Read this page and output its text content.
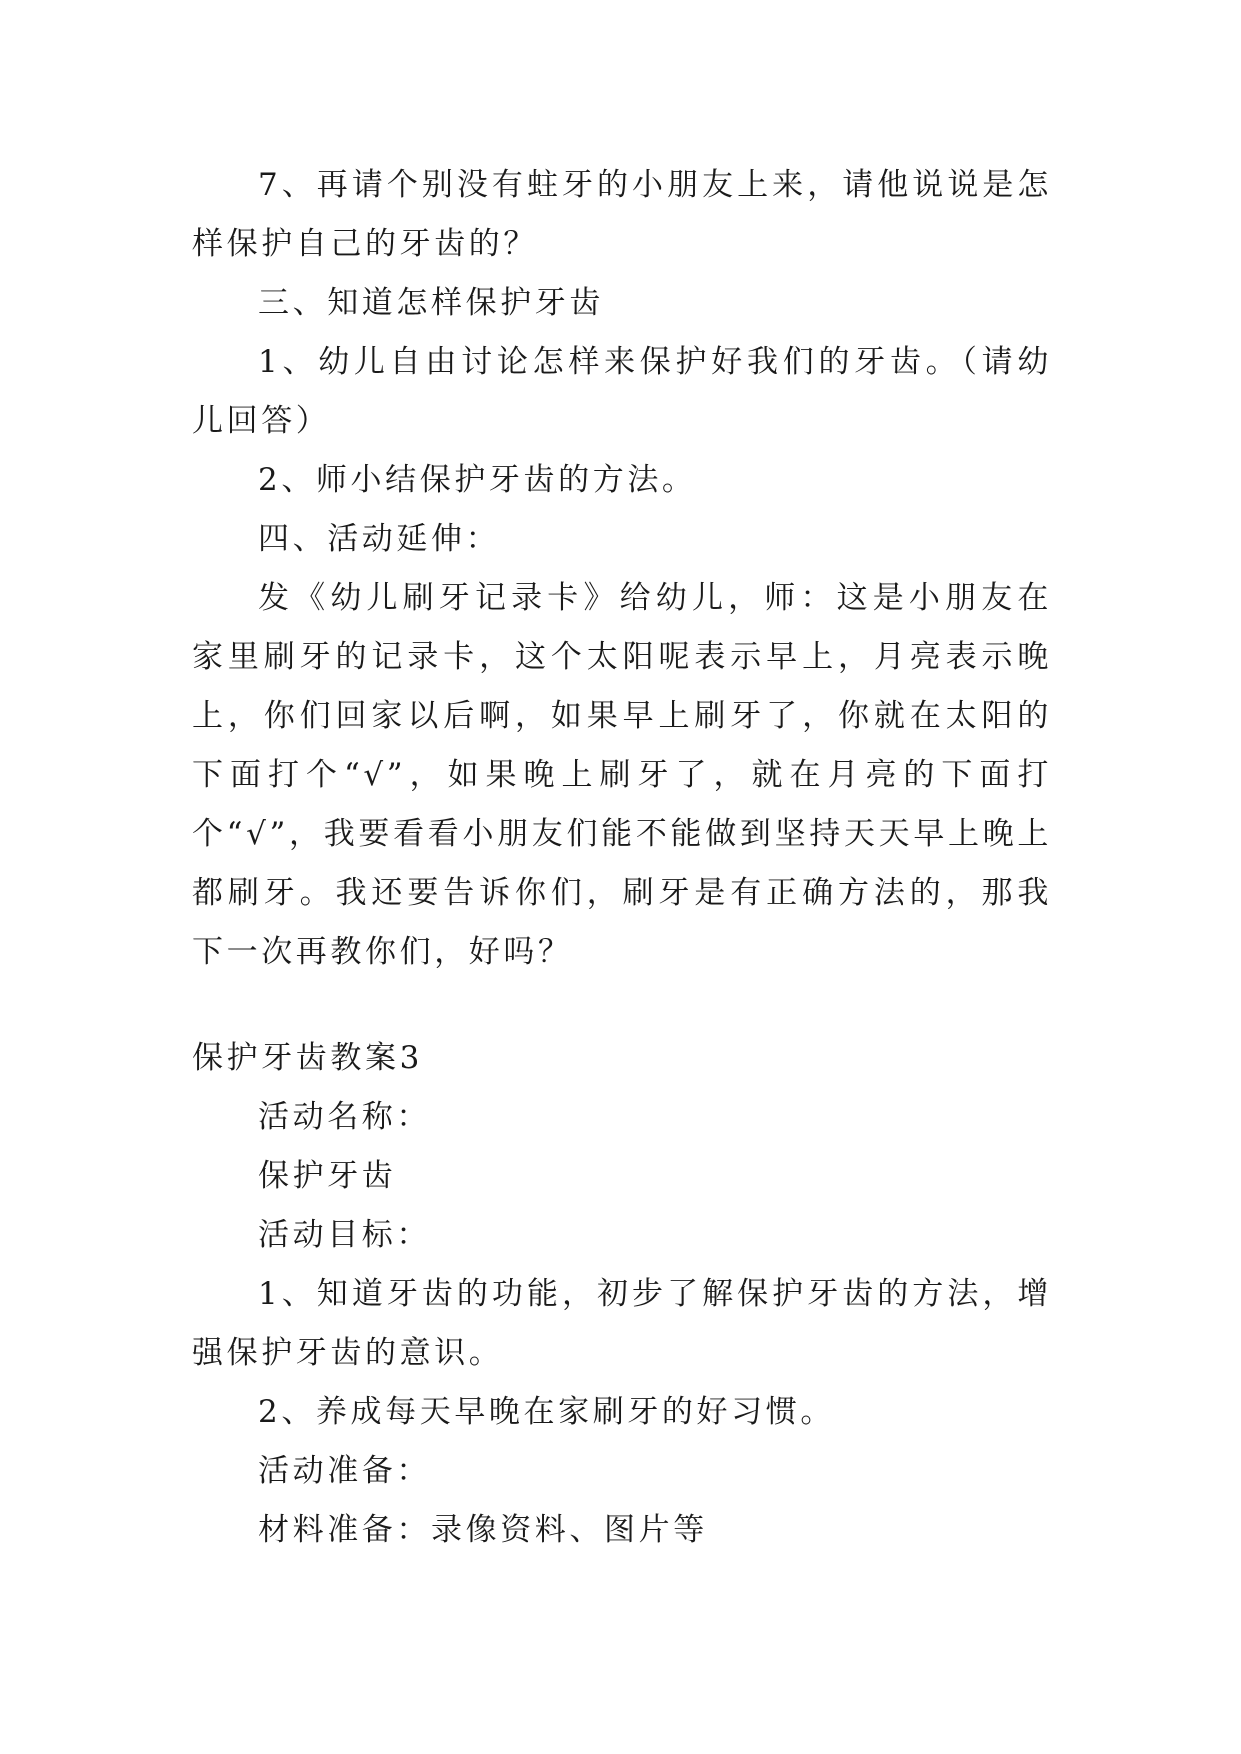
7、再请个别没有蛀牙的小朋友上来，请他说说是怎样保护自己的牙齿的？

三、知道怎样保护牙齿

1、幼儿自由讨论怎样来保护好我们的牙齿。（请幼儿回答）

2、师小结保护牙齿的方法。

四、活动延伸：

发《幼儿刷牙记录卡》给幼儿，师：这是小朋友在家里刷牙的记录卡，这个太阳呢表示早上，月亮表示晚上，你们回家以后啊，如果早上刷牙了，你就在太阳的下面打个“√”，如果晚上刷牙了，就在月亮的下面打个“√”，我要看看小朋友们能不能做到坚持天天早上晚上都刷牙。我还要告诉你们，刷牙是有正确方法的，那我下一次再教你们，好吗？

保护牙齿教案3

活动名称：

保护牙齿

活动目标：

1、知道牙齿的功能，初步了解保护牙齿的方法，增强保护牙齿的意识。

2、养成每天早晚在家刷牙的好习惯。

活动准备：

材料准备：录像资料、图片等
